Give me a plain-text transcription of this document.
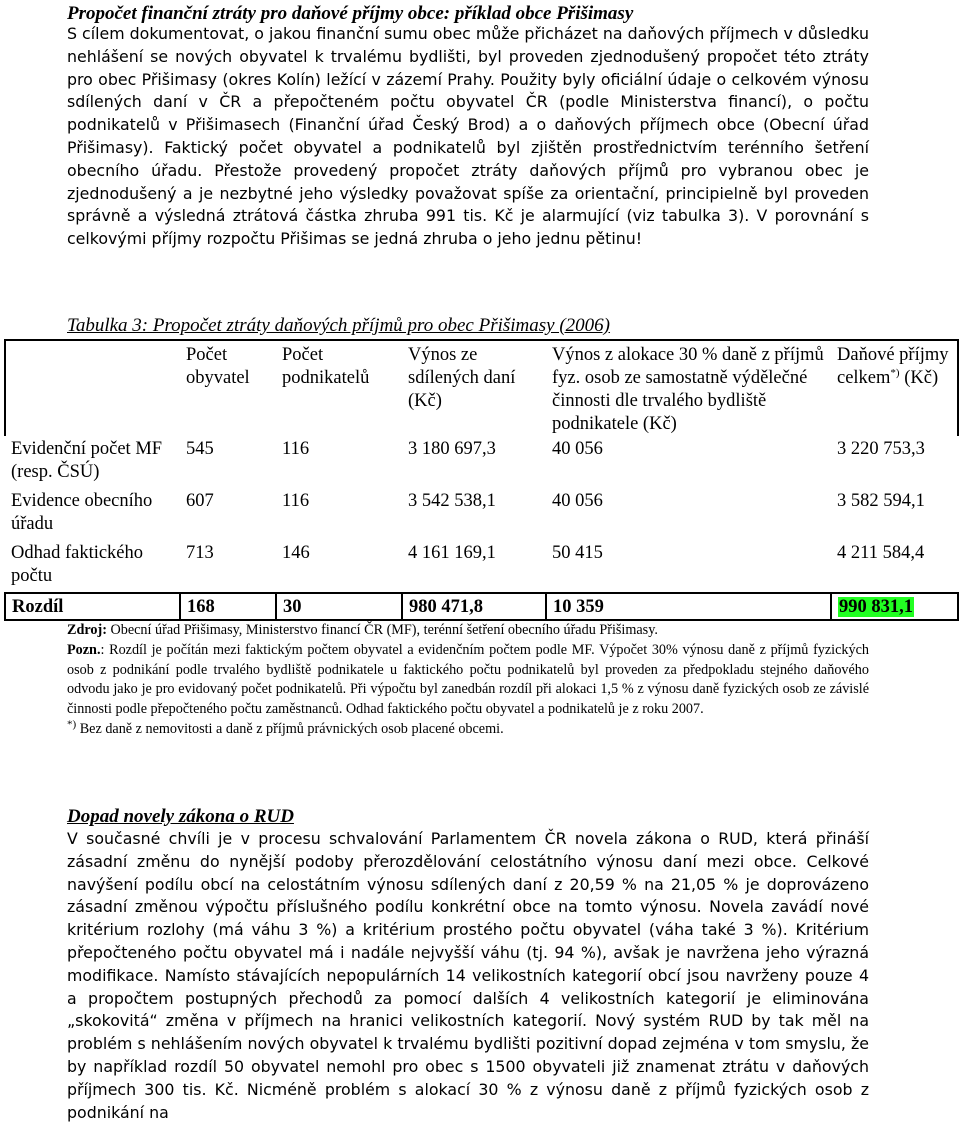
Propočet finanční ztráty pro daňové příjmy obce: příklad obce Přišimasy

S cílem dokumentovat, o jakou finanční sumu obec může přicházet na daňových příjmech v důsledku nehlášení se nových obyvatel k trvalému bydlišti, byl proveden zjednodušený propočet této ztráty pro obec Přišimasy (okres Kolín) ležící v zázemí Prahy. Použity byly oficiální údaje o celkovém výnosu sdílených daní v ČR a přepočteném počtu obyvatel ČR (podle Ministerstva financí), o počtu podnikatelů v Přišimasech (Finanční úřad Český Brod) a o daňových příjmech obce (Obecní úřad Přišimasy). Faktický počet obyvatel a podnikatelů byl zjištěn prostřednictvím terénního šetření obecního úřadu. Přestože provedený propočet ztráty daňových příjmů pro vybranou obec je zjednodušený a je nezbytné jeho výsledky považovat spíše za orientační, principielně byl proveden správně a výsledná ztrátová částka zhruba 991 tis. Kč je alarmující (viz tabulka 3). V porovnání s celkovými příjmy rozpočtu Přišimas se jedná zhruba o jeho jednu pětinu!

Tabulka 3: Propočet ztráty daňových příjmů pro obec Přišimasy (2006)

	Počet obyvatel	Počet podnikatelů	Výnos ze sdílených daní (Kč)	Výnos z alokace 30 % daně z příjmů fyz. osob ze samostatně výdělečné činnosti dle trvalého bydliště podnikatele (Kč)	Daňové příjmy celkem*) (Kč)
Evidenční počet MF (resp. ČSÚ)	545	116	3 180 697,3	40 056	3 220 753,3
Evidence obecního úřadu	607	116	3 542 538,1	40 056	3 582 594,1
Odhad faktického počtu	713	146	4 161 169,1	50 415	4 211 584,4
Rozdíl	168	30	980 471,8	10 359	990 831,1

Zdroj: Obecní úřad Přišimasy, Ministerstvo financí ČR (MF), terénní šetření obecního úřadu Přišimasy.
Pozn.: Rozdíl je počítán mezi faktickým počtem obyvatel a evidenčním počtem podle MF. Výpočet 30% výnosu daně z příjmů fyzických osob z podnikání podle trvalého bydliště podnikatele u faktického počtu podnikatelů byl proveden za předpokladu stejného daňového odvodu jako je pro evidovaný počet podnikatelů. Při výpočtu byl zanedbán rozdíl při alokaci 1,5 % z výnosu daně fyzických osob ze závislé činnosti podle přepočteného počtu zaměstnanců. Odhad faktického počtu obyvatel a podnikatelů je z roku 2007.
*) Bez daně z nemovitosti a daně z příjmů právnických osob placené obcemi.

Dopad novely zákona o RUD

V současné chvíli je v procesu schvalování Parlamentem ČR novela zákona o RUD, která přináší zásadní změnu do nynější podoby přerozdělování celostátního výnosu daní mezi obce. Celkové navýšení podílu obcí na celostátním výnosu sdílených daní z 20,59 % na 21,05 % je doprovázeno zásadní změnou výpočtu příslušného podílu konkrétní obce na tomto výnosu. Novela zavádí nové kritérium rozlohy (má váhu 3 %) a kritérium prostého počtu obyvatel (váha také 3 %). Kritérium přepočteného počtu obyvatel má i nadále nejvyšší váhu (tj. 94 %), avšak je navržena jeho výrazná modifikace. Namísto stávajících nepopulárních 14 velikostních kategorií obcí jsou navrženy pouze 4 a propočtem postupných přechodů za pomocí dalších 4 velikostních kategorií je eliminována „skokovitá“ změna v příjmech na hranici velikostních kategorií. Nový systém RUD by tak měl na problém s nehlášením nových obyvatel k trvalému bydlišti pozitivní dopad zejména v tom smyslu, že by například rozdíl 50 obyvatel nemohl pro obec s 1500 obyvateli již znamenat ztrátu v daňových příjmech 300 tis. Kč. Nicméně problém s alokací 30 % z výnosu daně z příjmů fyzických osob z podnikání na
